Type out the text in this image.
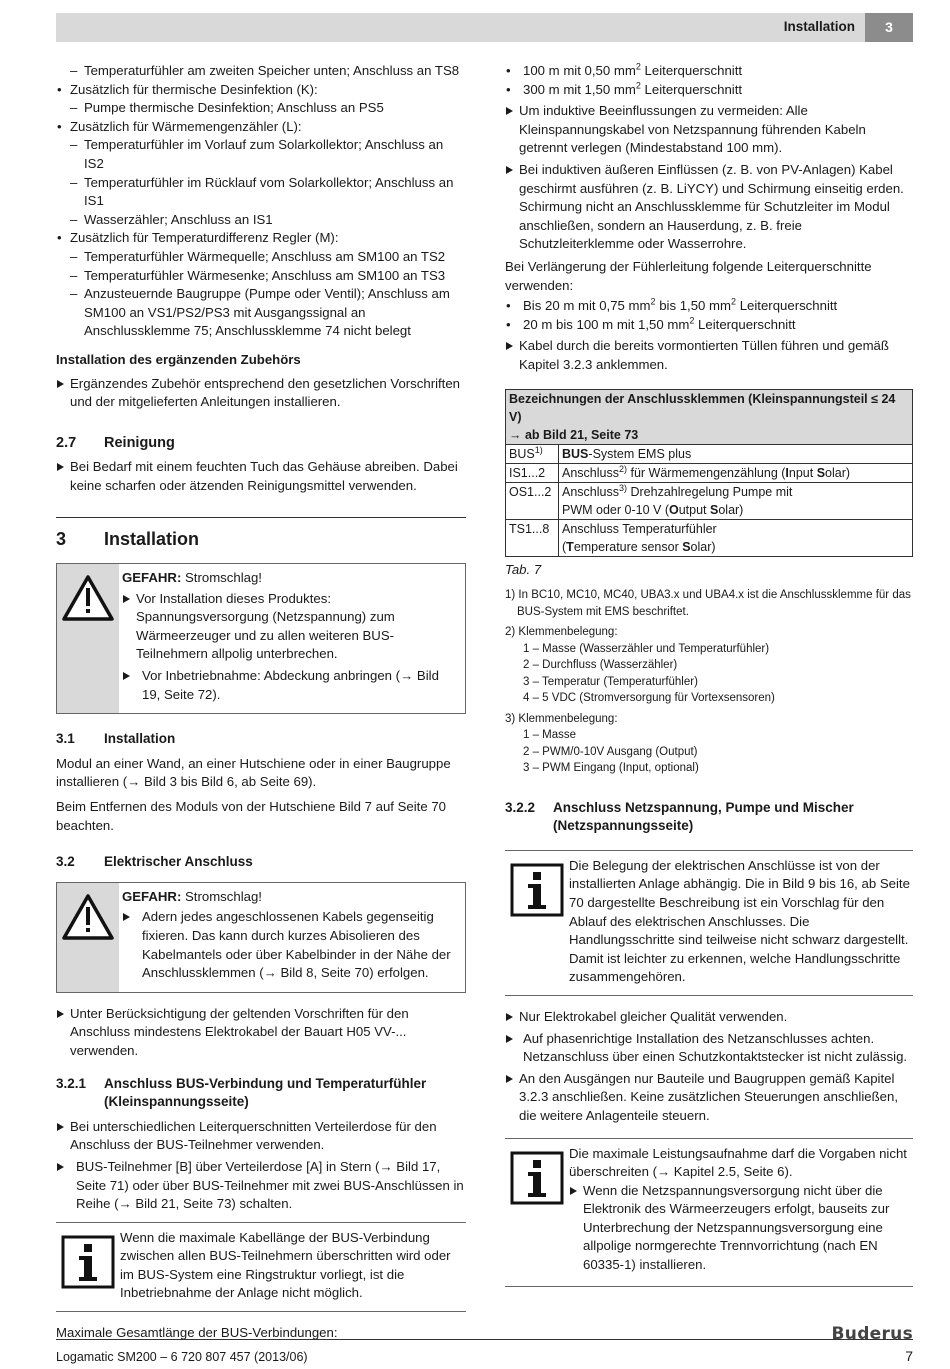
Installation	3
– Temperaturfühler am zweiten Speicher unten; Anschluss an TS8
• Zusätzlich für thermische Desinfektion (K):
– Pumpe thermische Desinfektion; Anschluss an PS5
• Zusätzlich für Wärmemengenzähler (L):
– Temperaturfühler im Vorlauf zum Solarkollektor; Anschluss an IS2
– Temperaturfühler im Rücklauf vom Solarkollektor; Anschluss an IS1
– Wasserzähler; Anschluss an IS1
• Zusätzlich für Temperaturdifferenz Regler (M):
– Temperaturfühler Wärmequelle; Anschluss am SM100 an TS2
– Temperaturfühler Wärmesenke; Anschluss am SM100 an TS3
– Anzusteuernde Baugruppe (Pumpe oder Ventil); Anschluss am SM100 an VS1/PS2/PS3 mit Ausgangssignal an Anschlussklemme 75; Anschlussklemme 74 nicht belegt
Installation des ergänzenden Zubehörs
Ergänzendes Zubehör entsprechend den gesetzlichen Vorschriften und der mitgelieferten Anleitungen installieren.
2.7	Reinigung
Bei Bedarf mit einem feuchten Tuch das Gehäuse abreiben. Dabei keine scharfen oder ätzenden Reinigungsmittel verwenden.
3	Installation
GEFAHR: Stromschlag!
Vor Installation dieses Produktes: Spannungsversorgung (Netzspannung) zum Wärmeerzeuger und zu allen weiteren BUS-Teilnehmern allpolig unterbrechen.
Vor Inbetriebnahme: Abdeckung anbringen (→ Bild 19, Seite 72).
3.1	Installation
Modul an einer Wand, an einer Hutschiene oder in einer Baugruppe installieren (→ Bild 3 bis Bild 6, ab Seite 69).
Beim Entfernen des Moduls von der Hutschiene Bild 7 auf Seite 70 beachten.
3.2	Elektrischer Anschluss
GEFAHR: Stromschlag!
Adern jedes angeschlossenen Kabels gegenseitig fixieren. Das kann durch kurzes Abisolieren des Kabelmantels oder über Kabelbinder in der Nähe der Anschlussklemmen (→ Bild 8, Seite 70) erfolgen.
Unter Berücksichtigung der geltenden Vorschriften für den Anschluss mindestens Elektrokabel der Bauart H05 VV-... verwenden.
3.2.1	Anschluss BUS-Verbindung und Temperaturfühler (Kleinspannungsseite)
Bei unterschiedlichen Leiterquerschnitten Verteilerdose für den Anschluss der BUS-Teilnehmer verwenden.
BUS-Teilnehmer [B] über Verteilerdose [A] in Stern (→ Bild 17, Seite 71) oder über BUS-Teilnehmer mit zwei BUS-Anschlüssen in Reihe (→ Bild 21, Seite 73) schalten.
Wenn die maximale Kabellänge der BUS-Verbindung zwischen allen BUS-Teilnehmern überschritten wird oder im BUS-System eine Ringstruktur vorliegt, ist die Inbetriebnahme der Anlage nicht möglich.
Maximale Gesamtlänge der BUS-Verbindungen:
• 100 m mit 0,50 $mm^2$ Leiterquerschnitt
• 300 m mit 1,50 $mm^2$ Leiterquerschnitt
Um induktive Beeinflussungen zu vermeiden: Alle Kleinspannungskabel von Netzspannung führenden Kabeln getrennt verlegen (Mindestabstand 100 mm).
Bei induktiven äußeren Einflüssen (z. B. von PV-Anlagen) Kabel geschirmt ausführen (z. B. LiYCY) und Schirmung einseitig erden. Schirmung nicht an Anschlussklemme für Schutzleiter im Modul anschließen, sondern an Hauserdung, z. B. freie Schutzleiterklemme oder Wasserrohre.
Bei Verlängerung der Fühlerleitung folgende Leiterquerschnitte verwenden:
• Bis 20 m mit 0,75 $mm^2$ bis 1,50 $mm^2$ Leiterquerschnitt
• 20 m bis 100 m mit 1,50 $mm^2$ Leiterquerschnitt
Kabel durch die bereits vormontierten Tüllen führen und gemäß Kapitel 3.2.3 anklemmen.
Bezeichnungen der Anschlussklemmen (Kleinspannungsteil ≤ 24 V)
→ ab Bild 21, Seite 73	

BUS$^{1)}$	BUS-System EMS plus
IS1...2	Anschluss$^{2)}$ für Wärmemengenzählung (Input Solar)
OS1...2	Anschluss$^{3)}$ Drehzahlregelung Pumpe mit
PWM oder 0-10 V (Output Solar)
TS1...8	Anschluss Temperaturfühler
(Temperature sensor Solar)
Tab. 7
1) In BC10, MC10, MC40, UBA3.x und UBA4.x ist die Anschlussklemme für das BUS-System mit EMS beschriftet.
2) Klemmenbelegung:
1 – Masse (Wasserzähler und Temperaturfühler)
2 – Durchfluss (Wasserzähler)
3 – Temperatur (Temperaturfühler)
4 – 5 VDC (Stromversorgung für Vortexsensoren)
3) Klemmenbelegung:
1 – Masse
2 – PWM/0-10V Ausgang (Output)
3 – PWM Eingang (Input, optional)
3.2.2	Anschluss Netzspannung, Pumpe und Mischer (Netzspannungsseite)
Die Belegung der elektrischen Anschlüsse ist von der installierten Anlage abhängig. Die in Bild 9 bis 16, ab Seite 70 dargestellte Beschreibung ist ein Vorschlag für den Ablauf des elektrischen Anschlusses. Die Handlungsschritte sind teilweise nicht schwarz dargestellt. Damit ist leichter zu erkennen, welche Handlungsschritte zusammengehören.
Nur Elektrokabel gleicher Qualität verwenden.
Auf phasenrichtige Installation des Netzanschlusses achten. Netzanschluss über einen Schutzkontaktstecker ist nicht zulässig.
An den Ausgängen nur Bauteile und Baugruppen gemäß Kapitel 3.2.3 anschließen. Keine zusätzlichen Steuerungen anschließen, die weitere Anlagenteile steuern.
Die maximale Leistungsaufnahme darf die Vorgaben nicht überschreiten (→ Kapitel 2.5, Seite 6).
Wenn die Netzspannungsversorgung nicht über die Elektronik des Wärmeerzeugers erfolgt, bauseits zur Unterbrechung der Netzspannungsversorgung eine allpolige normgerechte Trennvorrichtung (nach EN 60335-1) installieren.
Buderus
Logamatic SM200 – 6 720 807 457 (2013/06)	7
